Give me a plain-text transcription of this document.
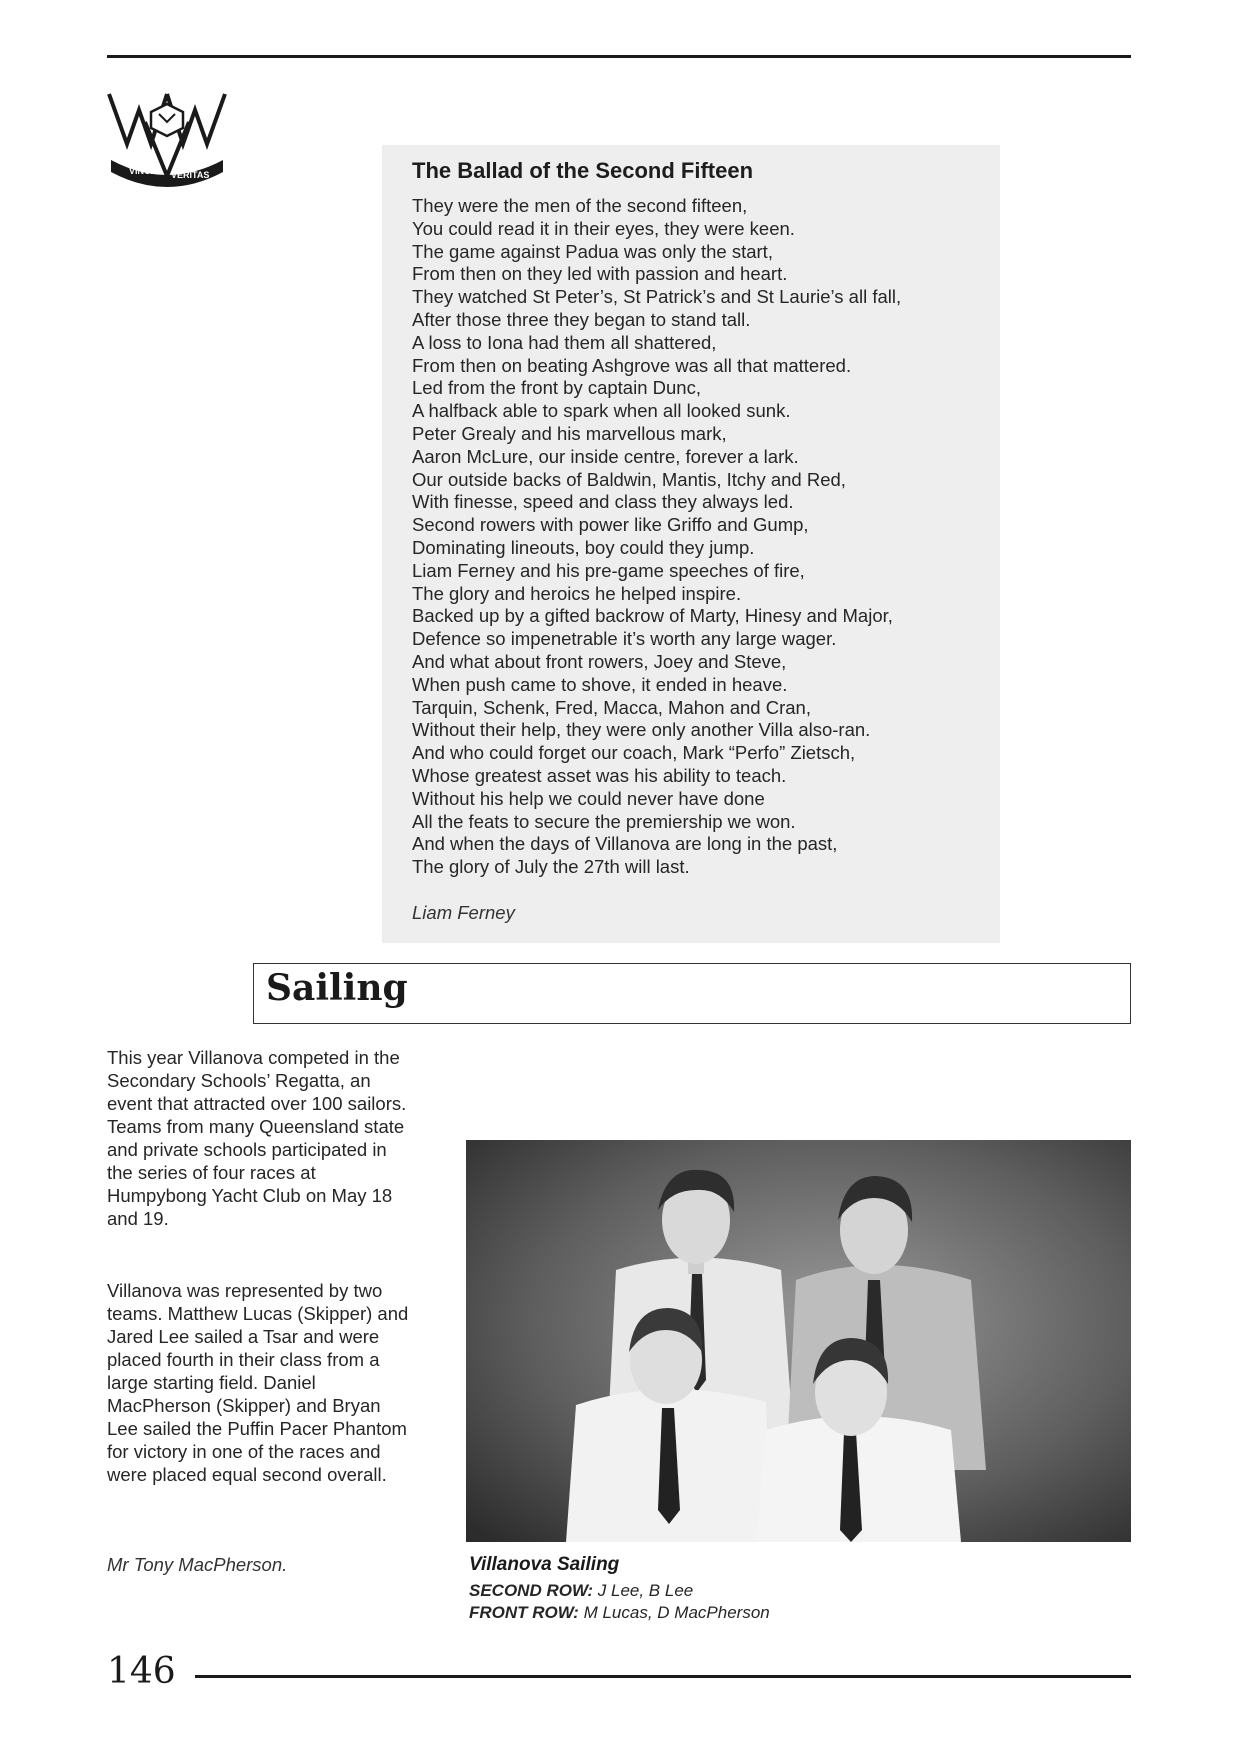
VINCIT VERITAS	The Ballad of the Second Fifteen
They were the men of the second fifteen,
You could read it in their eyes, they were keen.
The game against Padua was only the start,
From then on they led with passion and heart.
They watched St Peter’s, St Patrick’s and St Laurie’s all fall,
After those three they began to stand tall.
A loss to Iona had them all shattered,
From then on beating Ashgrove was all that mattered.
Led from the front by captain Dunc,
A halfback able to spark when all looked sunk.
Peter Grealy and his marvellous mark,
Aaron McLure, our inside centre, forever a lark.
Our outside backs of Baldwin, Mantis, Itchy and Red,
With finesse, speed and class they always led.
Second rowers with power like Griffo and Gump,
Dominating lineouts, boy could they jump.
Liam Ferney and his pre-game speeches of fire,
The glory and heroics he helped inspire.
Backed up by a gifted backrow of Marty, Hinesy and Major,
Defence so impenetrable it’s worth any large wager.
And what about front rowers, Joey and Steve,
When push came to shove, it ended in heave.
Tarquin, Schenk, Fred, Macca, Mahon and Cran,
Without their help, they were only another Villa also-ran.
And who could forget our coach, Mark “Perfo” Zietsch,
Whose greatest asset was his ability to teach.
Without his help we could never have done
All the feats to secure the premiership we won.
And when the days of Villanova are long in the past,
The glory of July the 27th will last.
Liam Ferney
Sailing

This year Villanova competed in the Secondary Schools’ Regatta, an event that attracted over 100 sailors. Teams from many Queensland state and private schools participated in the series of four races at Humpybong Yacht Club on May 18 and 19.

Villanova was represented by two teams. Matthew Lucas (Skipper) and Jared Lee sailed a Tsar and were placed fourth in their class from a large starting field. Daniel MacPherson (Skipper) and Bryan Lee sailed the Puffin Pacer Phantom for victory in one of the races and were placed equal second overall.

Mr Tony MacPherson.	Villanova Sailing
SECOND ROW: J Lee, B Lee
FRONT ROW: M Lucas, D MacPherson
146
